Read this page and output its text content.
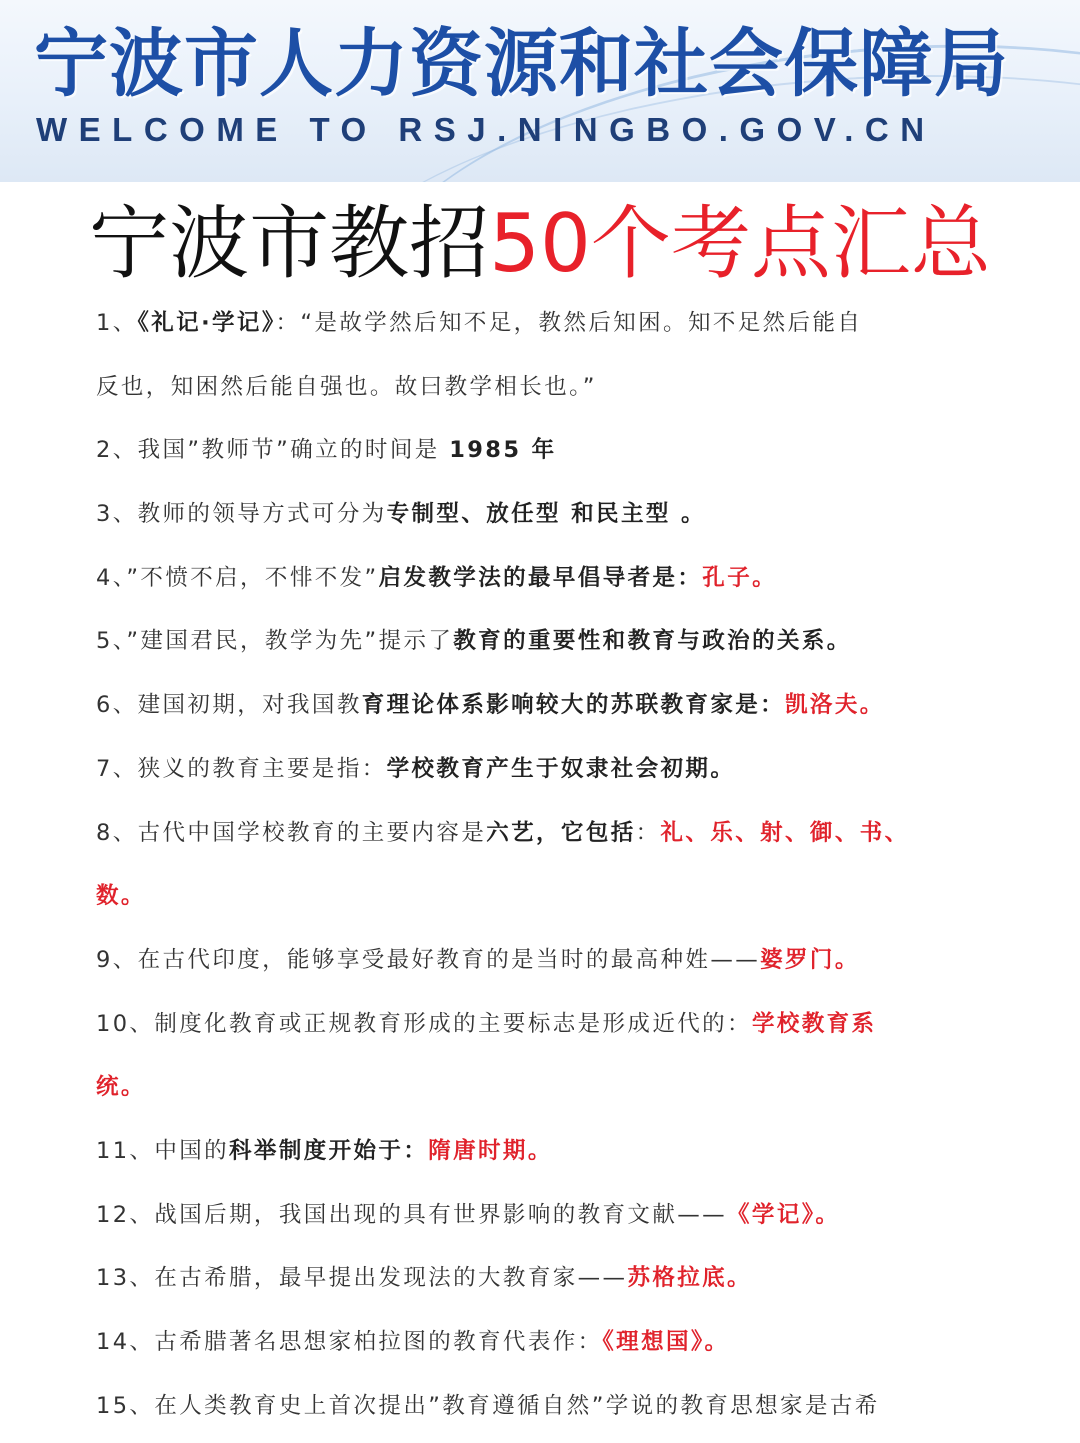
宁波市人力资源和社会保障局

WELCOME TO RSJ.NINGBO.GOV.CN

宁波市教招50个考点汇总
1、《礼记·学记》：“是故学然后知不足，教然后知困。知不足然后能自
反也，知困然后能自强也。故曰教学相长也。”
2、我国”教师节”确立的时间是 1985 年
3、教师的领导方式可分为专制型、放任型 和民主型 。
4、”不愤不启，不悱不发”启发教学法的最早倡导者是：孔子。
5、”建国君民，教学为先”提示了教育的重要性和教育与政治的关系。
6、建国初期，对我国教育理论体系影响较大的苏联教育家是：凯洛夫。
7、狭义的教育主要是指：学校教育产生于奴隶社会初期。
8、古代中国学校教育的主要内容是六艺，它包括：礼、乐、射、御、书、
数。
9、在古代印度，能够享受最好教育的是当时的最高种姓——婆罗门。
10、制度化教育或正规教育形成的主要标志是形成近代的：学校教育系
统。
11、中国的科举制度开始于：隋唐时期。
12、战国后期，我国出现的具有世界影响的教育文献——《学记》。
13、在古希腊，最早提出发现法的大教育家——苏格拉底。
14、古希腊著名思想家柏拉图的教育代表作：《理想国》。
15、在人类教育史上首次提出”教育遵循自然”学说的教育思想家是古希
